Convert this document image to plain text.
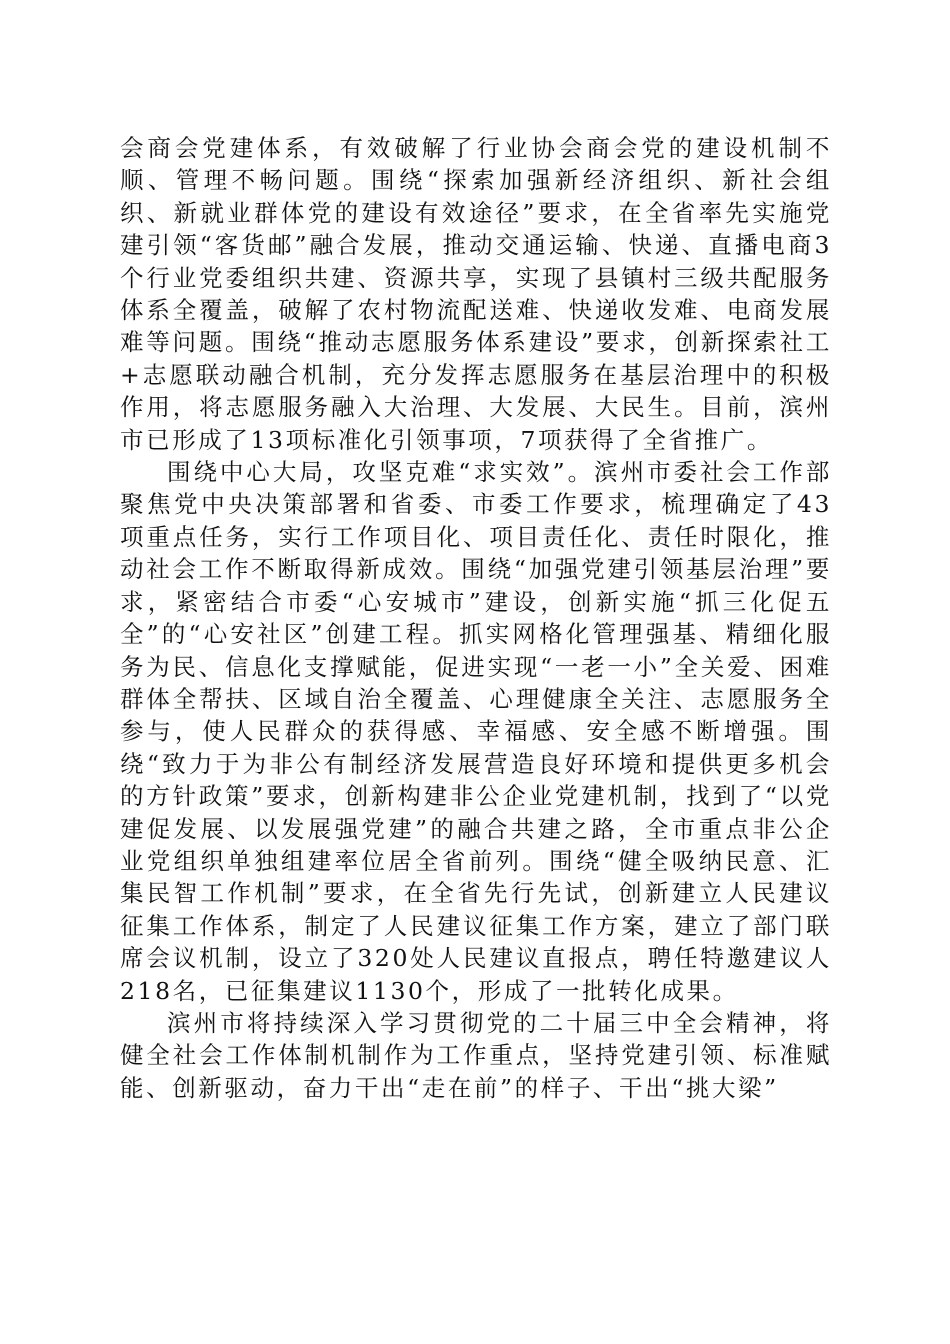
会商会党建体系，有效破解了行业协会商会党的建设机制不顺、管理不畅问题。围绕“探索加强新经济组织、新社会组织、新就业群体党的建设有效途径”要求，在全省率先实施党建引领“客货邮”融合发展，推动交通运输、快递、直播电商3个行业党委组织共建、资源共享，实现了县镇村三级共配服务体系全覆盖，破解了农村物流配送难、快递收发难、电商发展难等问题。围绕“推动志愿服务体系建设”要求，创新探索社工+志愿联动融合机制，充分发挥志愿服务在基层治理中的积极作用，将志愿服务融入大治理、大发展、大民生。目前，滨州市已形成了13项标准化引领事项，7项获得了全省推广。

围绕中心大局，攻坚克难“求实效”。滨州市委社会工作部聚焦党中央决策部署和省委、市委工作要求，梳理确定了43项重点任务，实行工作项目化、项目责任化、责任时限化，推动社会工作不断取得新成效。围绕“加强党建引领基层治理”要求，紧密结合市委“心安城市”建设，创新实施“抓三化促五全”的“心安社区”创建工程。抓实网格化管理强基、精细化服务为民、信息化支撑赋能，促进实现“一老一小”全关爱、困难群体全帮扶、区域自治全覆盖、心理健康全关注、志愿服务全参与，使人民群众的获得感、幸福感、安全感不断增强。围绕“致力于为非公有制经济发展营造良好环境和提供更多机会的方针政策”要求，创新构建非公企业党建机制，找到了“以党建促发展、以发展强党建”的融合共建之路，全市重点非公企业党组织单独组建率位居全省前列。围绕“健全吸纳民意、汇集民智工作机制”要求，在全省先行先试，创新建立人民建议征集工作体系，制定了人民建议征集工作方案，建立了部门联席会议机制，设立了320处人民建议直报点，聘任特邀建议人218名，已征集建议1130个，形成了一批转化成果。

滨州市将持续深入学习贯彻党的二十届三中全会精神，将健全社会工作体制机制作为工作重点，坚持党建引领、标准赋能、创新驱动，奋力干出“走在前”的样子、干出“挑大梁”
